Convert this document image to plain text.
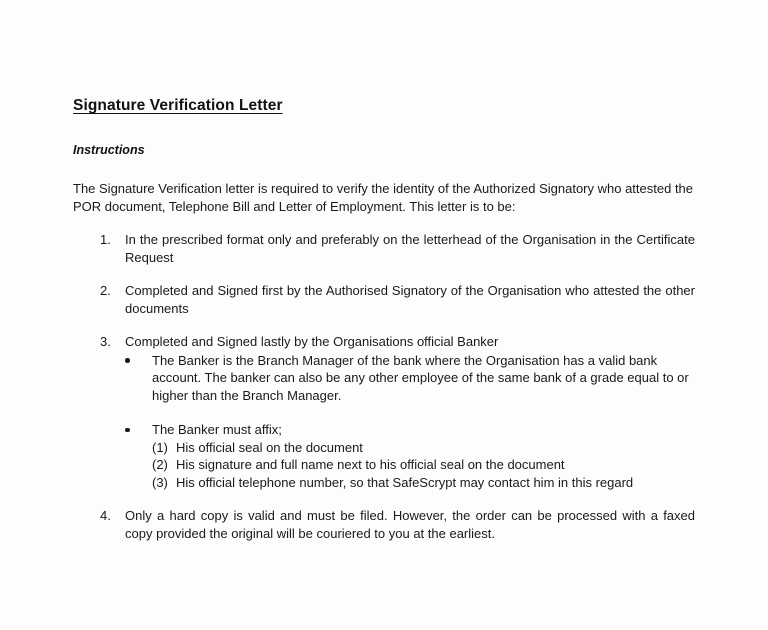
Signature Verification Letter
Instructions

The Signature Verification letter is required to verify the identity of the Authorized Signatory who attested the POR document, Telephone Bill and Letter of Employment. This letter is to be:

1.	In the prescribed format only and preferably on the letterhead of the Organisation in the Certificate Request
2.	Completed and Signed first by the Authorised Signatory of the Organisation who attested the other documents
3.	Completed and Signed lastly by the Organisations official Banker
The Banker is the Branch Manager of the bank where the Organisation has a valid bank account. The banker can also be any other employee of the same bank of a grade equal to or higher than the Branch Manager.
The Banker must affix;
(1) His official seal on the document
(2) His signature and full name next to his official seal on the document
(3) His official telephone number, so that SafeScrypt may contact him in this regard
4.	Only a hard copy is valid and must be filed. However, the order can be processed with a faxed copy provided the original will be couriered to you at the earliest.
